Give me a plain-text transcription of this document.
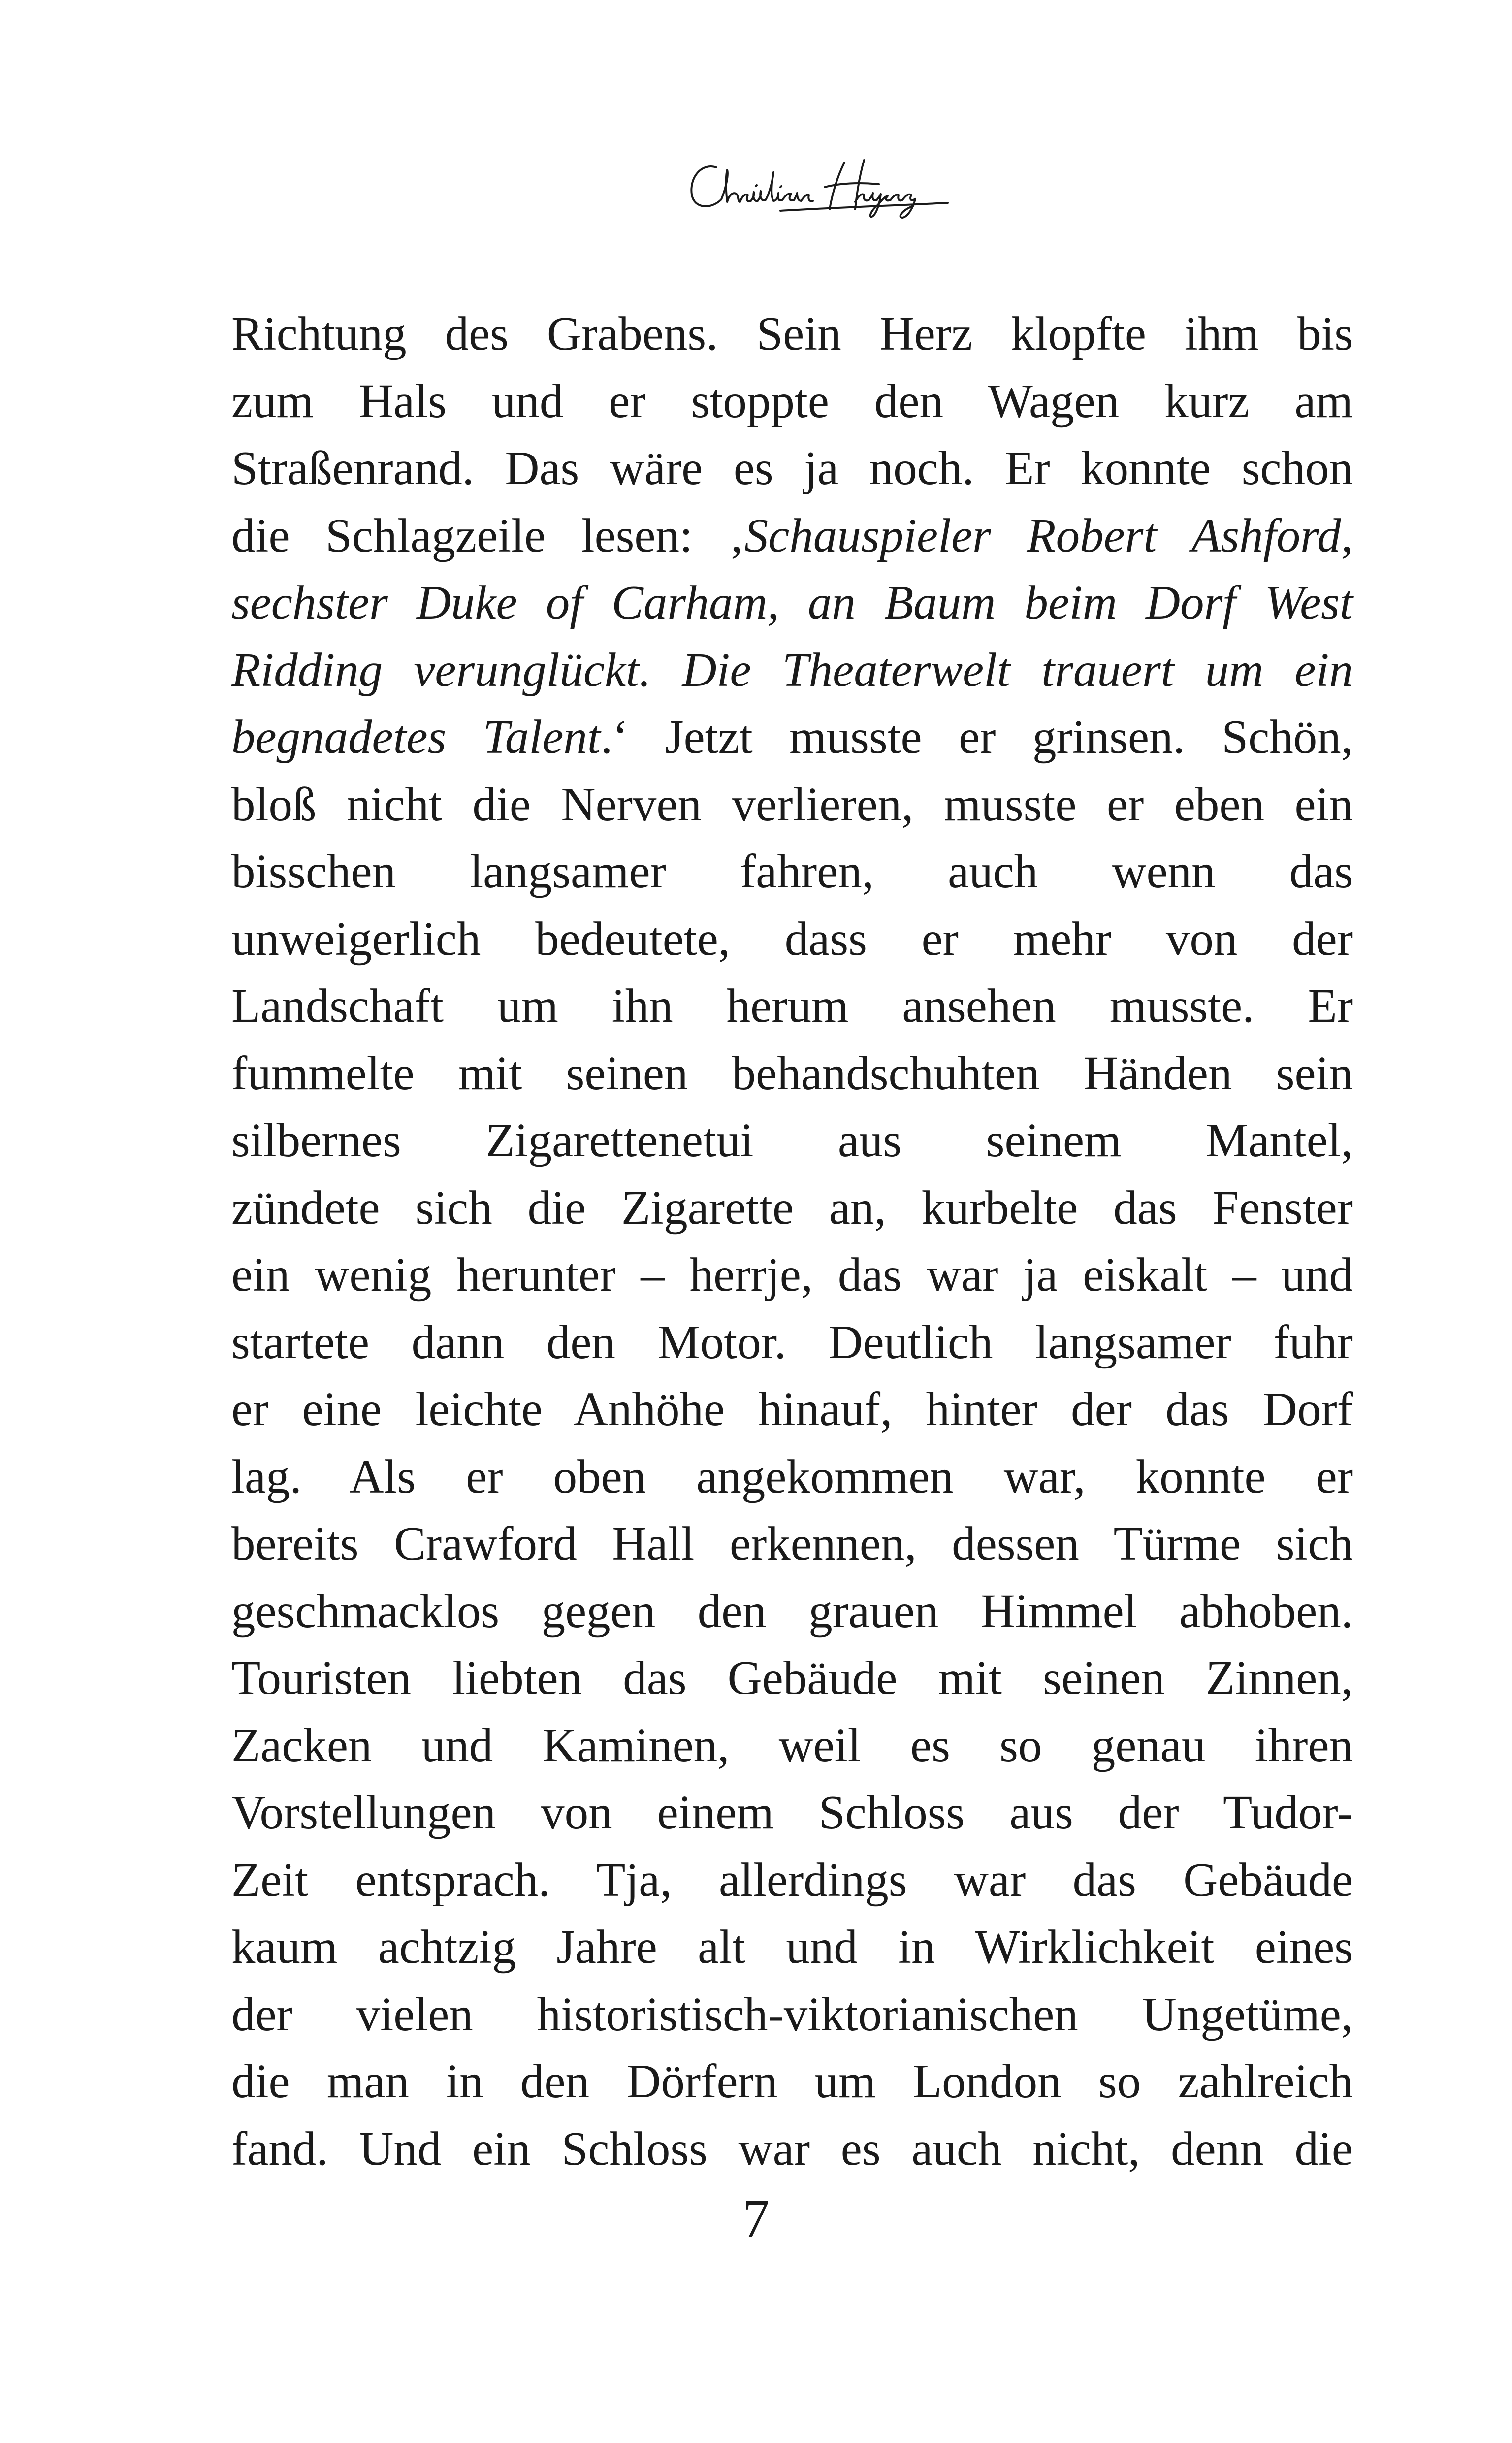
Richtung des Grabens. Sein Herz klopfte ihm bis
zum Hals und er stoppte den Wagen kurz am
Straßenrand. Das wäre es ja noch. Er konnte schon
die Schlagzeile lesen: ‚Schauspieler Robert Ashford,
sechster Duke of Carham, an Baum beim Dorf West
Ridding verunglückt. Die Theaterwelt trauert um ein
begnadetes Talent.‘ Jetzt musste er grinsen. Schön,
bloß nicht die Nerven verlieren, musste er eben ein
bisschen langsamer fahren, auch wenn das
unweigerlich bedeutete, dass er mehr von der
Landschaft um ihn herum ansehen musste. Er
fummelte mit seinen behandschuhten Händen sein
silbernes Zigarettenetui aus seinem Mantel,
zündete sich die Zigarette an, kurbelte das Fenster
ein wenig herunter – herrje, das war ja eiskalt – und
startete dann den Motor. Deutlich langsamer fuhr
er eine leichte Anhöhe hinauf, hinter der das Dorf
lag. Als er oben angekommen war, konnte er
bereits Crawford Hall erkennen, dessen Türme sich
geschmacklos gegen den grauen Himmel abhoben.
Touristen liebten das Gebäude mit seinen Zinnen,
Zacken und Kaminen, weil es so genau ihren
Vorstellungen von einem Schloss aus der Tudor-
Zeit entsprach. Tja, allerdings war das Gebäude
kaum achtzig Jahre alt und in Wirklichkeit eines
der vielen historistisch-viktorianischen Ungetüme,
die man in den Dörfern um London so zahlreich
fand. Und ein Schloss war es auch nicht, denn die
7
